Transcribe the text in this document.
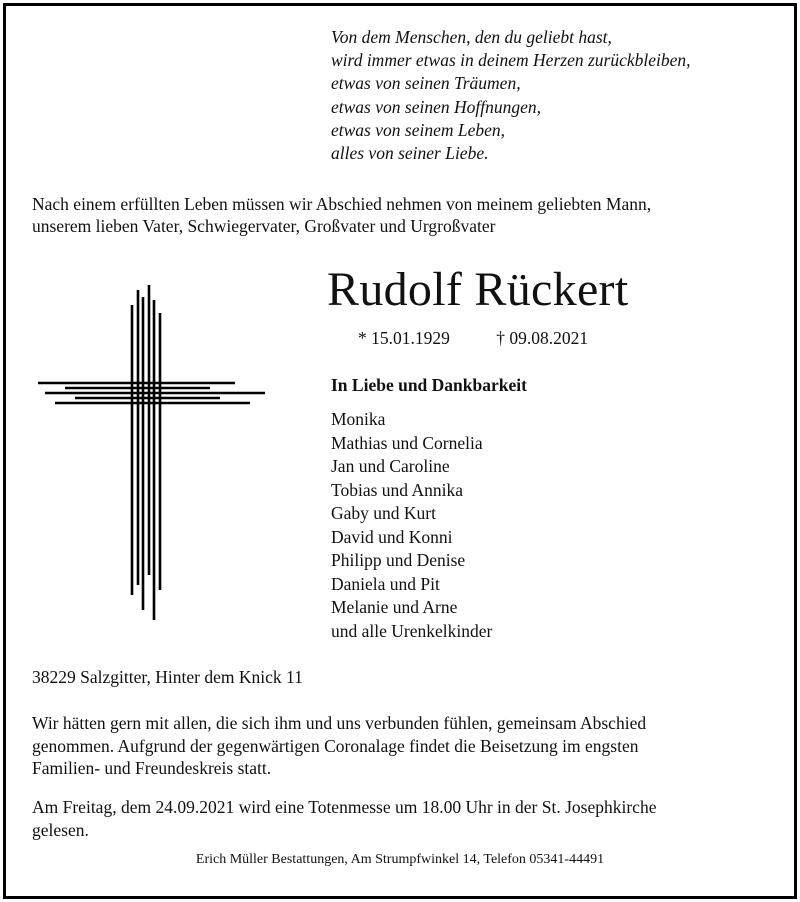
Von dem Menschen, den du geliebt hast,
wird immer etwas in deinem Herzen zurückbleiben,
etwas von seinen Träumen,
etwas von seinen Hoffnungen,
etwas von seinem Leben,
alles von seiner Liebe.
Nach einem erfüllten Leben müssen wir Abschied nehmen von meinem geliebten Mann,
unserem lieben Vater, Schwiegervater, Großvater und Urgroßvater
Rudolf Rückert
* 15.01.1929	† 09.08.2021
In Liebe und Dankbarkeit
Monika
Mathias und Cornelia
Jan und Caroline
Tobias und Annika
Gaby und Kurt
David und Konni
Philipp und Denise
Daniela und Pit
Melanie und Arne
und alle Urenkelkinder
38229 Salzgitter, Hinter dem Knick 11
Wir hätten gern mit allen, die sich ihm und uns verbunden fühlen, gemeinsam Abschied
genommen. Aufgrund der gegenwärtigen Coronalage findet die Beisetzung im engsten
Familien- und Freundeskreis statt.
Am Freitag, dem 24.09.2021 wird eine Totenmesse um 18.00 Uhr in der St. Josephkirche
gelesen.
Erich Müller Bestattungen, Am Strumpfwinkel 14, Telefon 05341-44491
